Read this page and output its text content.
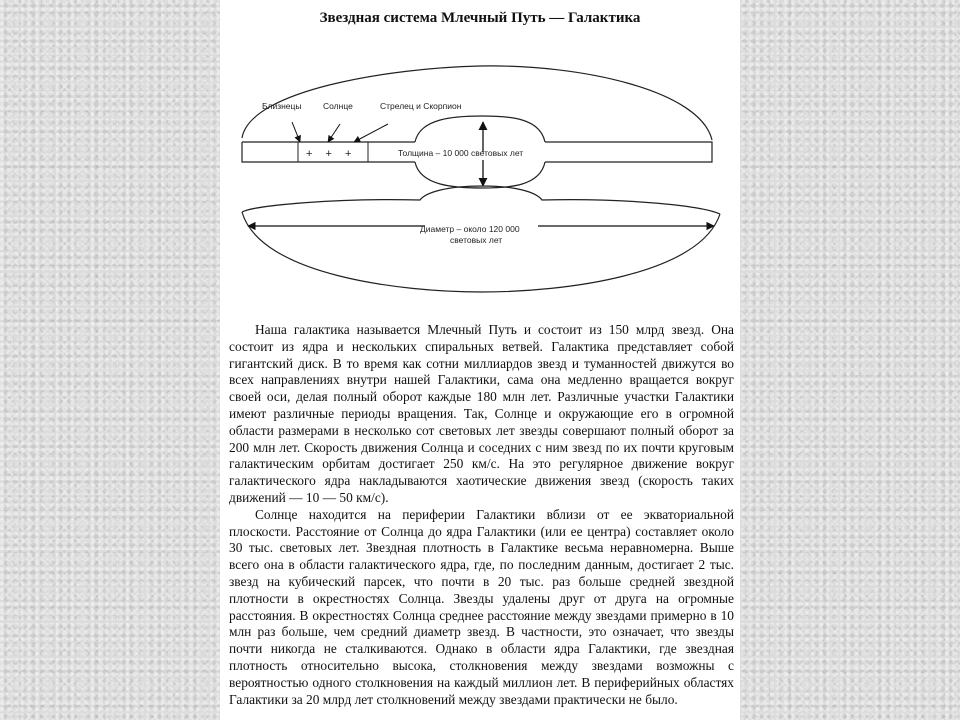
Звездная система Млечный Путь — Галактика
Близнецы	Солнце	Стрелец и Скорпион
+ + +	Толщина – 10 000 световых лет
Диаметр – около 120 000
световых лет

Наша галактика называется Млечный Путь и состоит из 150 млрд звезд. Она состоит из ядра и нескольких спиральных ветвей. Галактика представляет собой гигантский диск. В то время как сотни миллиардов звезд и туманностей движутся во всех направлениях внутри нашей Галактики, сама она медленно вращается вокруг своей оси, делая полный оборот каждые 180 млн лет. Различные участки Галактики имеют различные периоды вращения. Так, Солнце и окружающие его в огромной области размерами в несколько сот световых лет звезды совершают полный оборот за 200 млн лет. Скорость движения Солнца и соседних с ним звезд по их почти круговым галактическим орбитам достигает 250 км/с. На это регулярное движение вокруг галактического ядра накладываются хаотические движения звезд (скорость таких движений — 10 — 50 км/с).

Солнце находится на периферии Галактики вблизи от ее экваториальной плоскости. Расстояние от Солнца до ядра Галактики (или ее центра) составляет около 30 тыс. световых лет. Звездная плотность в Галактике весьма неравномерна. Выше всего она в области галактического ядра, где, по последним данным, достигает 2 тыс. звезд на кубический парсек, что почти в 20 тыс. раз больше средней звездной плотности в окрестностях Солнца. Звезды удалены друг от друга на огромные расстояния. В окрестностях Солнца среднее расстояние между звездами примерно в 10 млн раз больше, чем средний диаметр звезд. В частности, это означает, что звезды почти никогда не сталкиваются. Однако в области ядра Галактики, где звездная плотность относительно высока, столкновения между звездами возможны с вероятностью одного столкновения на каждый миллион лет. В периферийных областях Галактики за 20 млрд лет столкновений между звездами практически не было.
